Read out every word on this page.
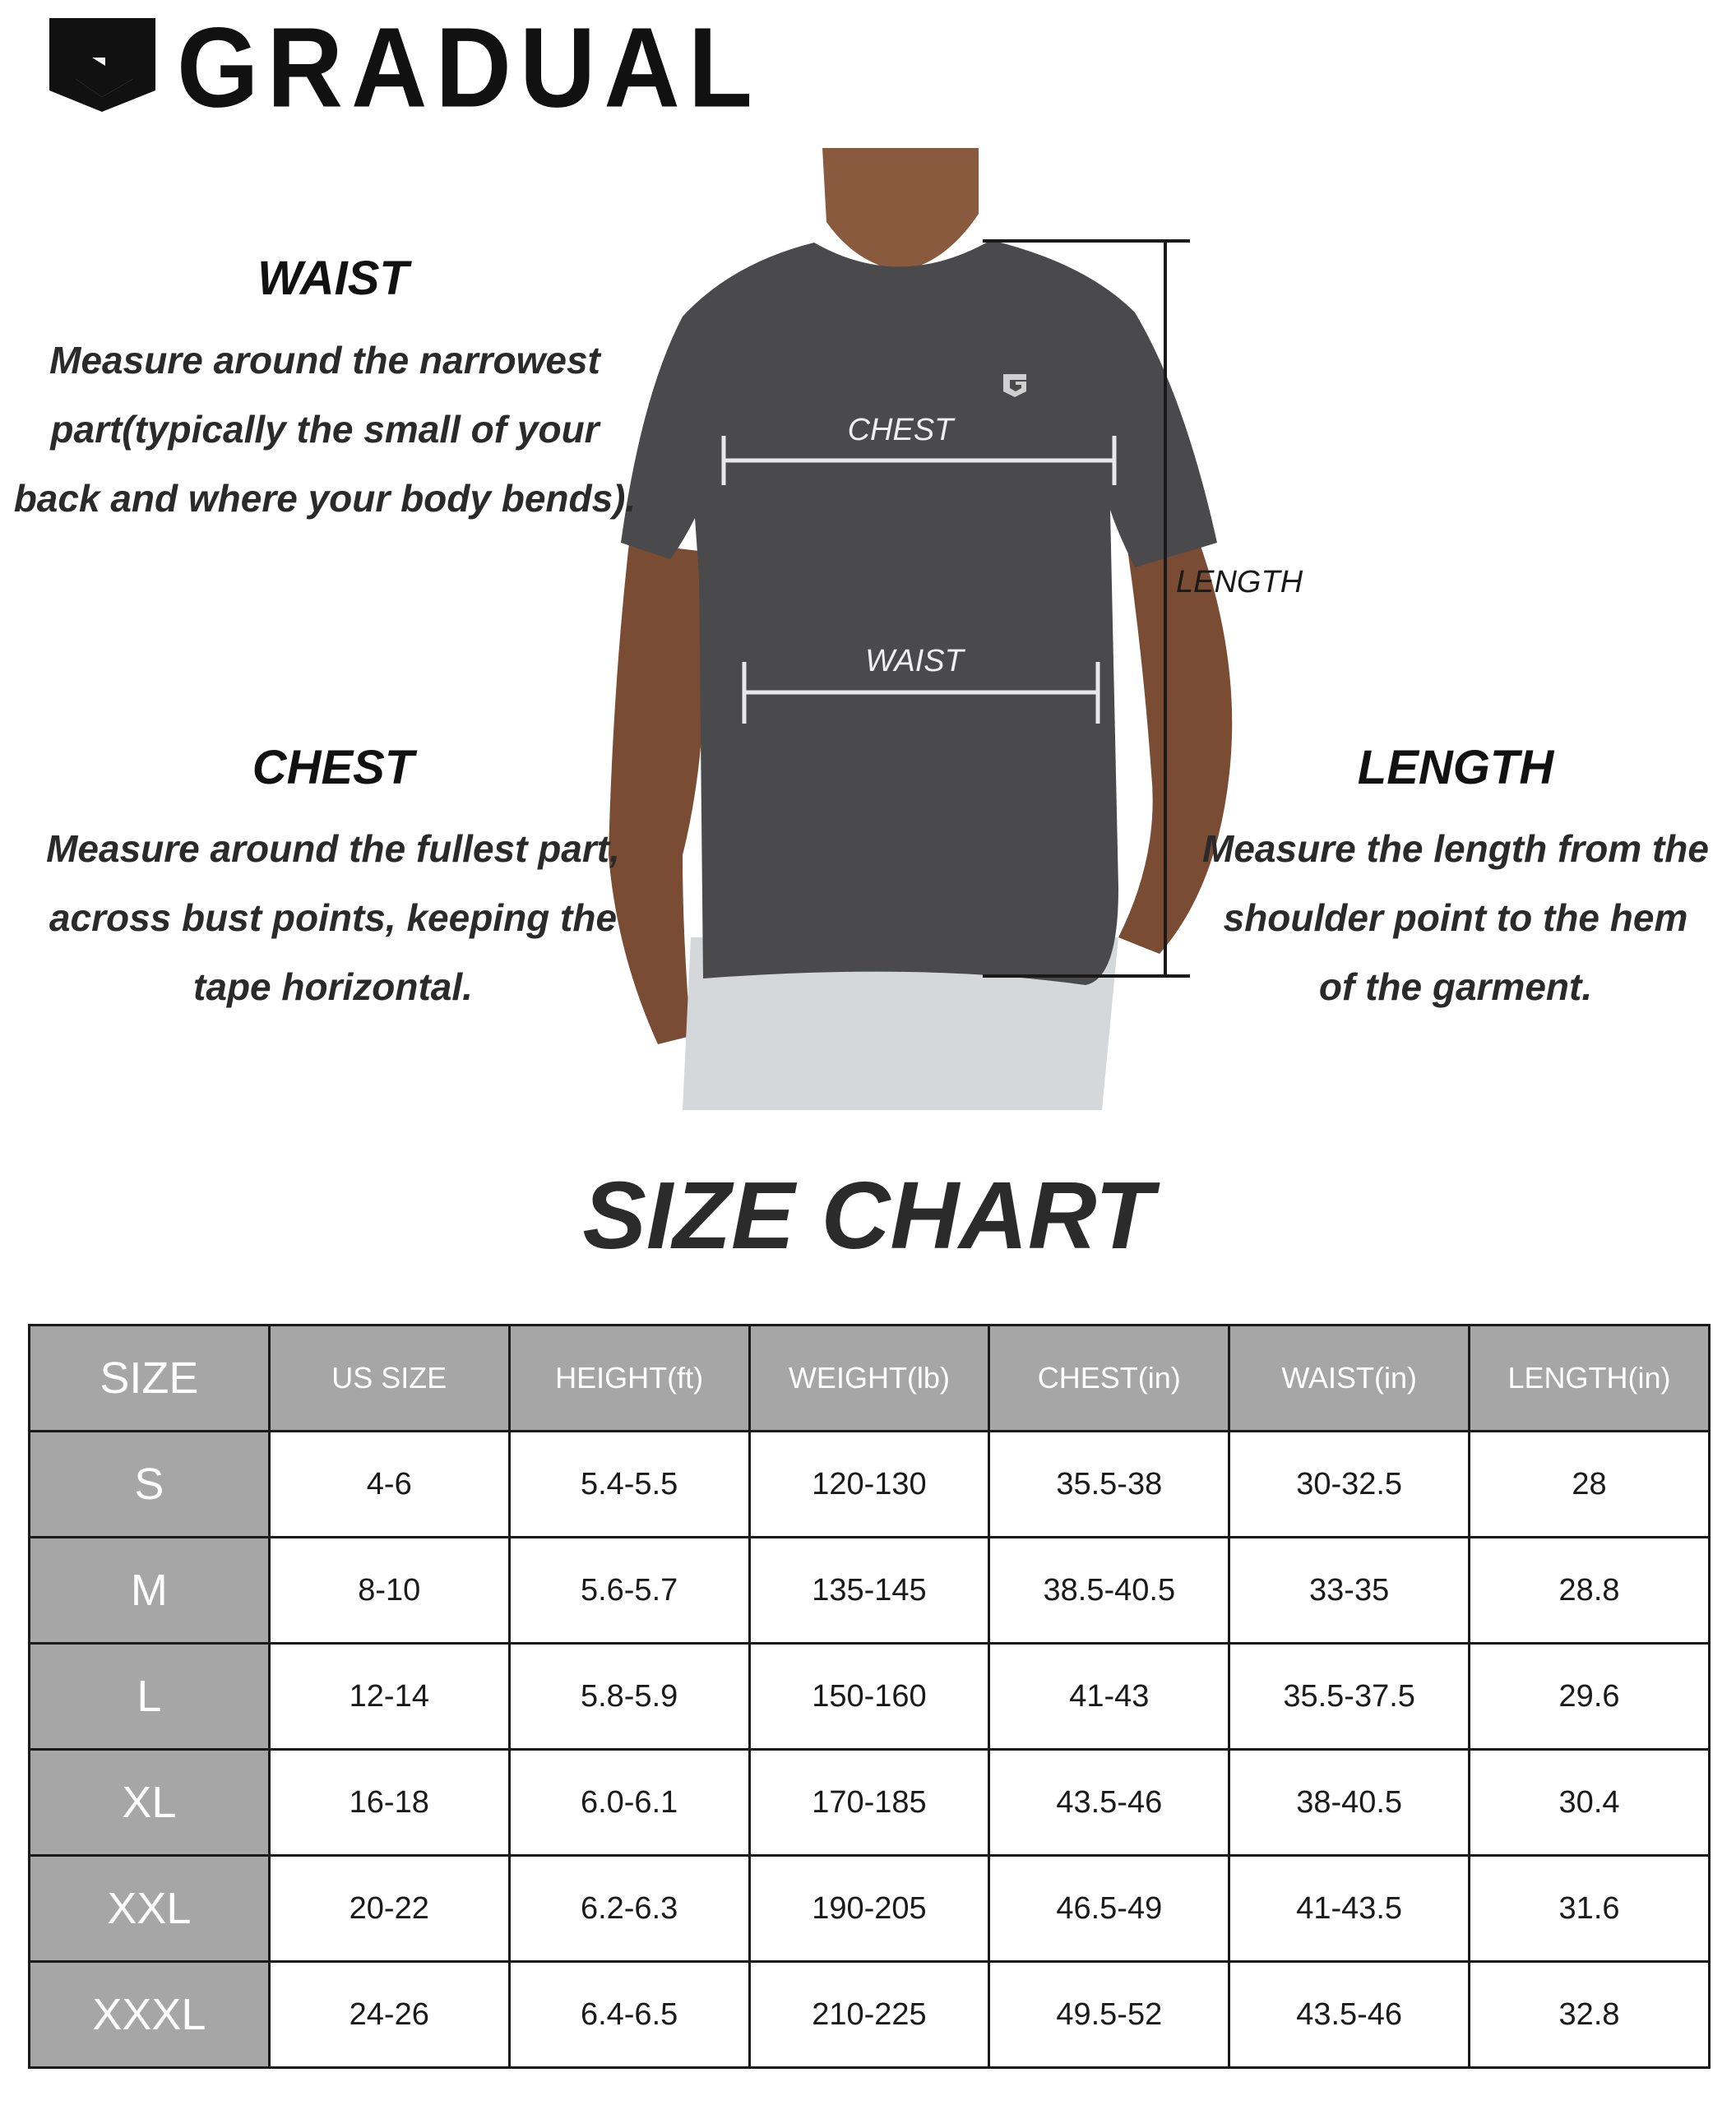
GRADUAL
CHEST
WAIST
LENGTH
WAIST
Measure around the narrowest
part(typically the small of your
back and where your body bends).
CHEST
Measure around the fullest part,
across bust points, keeping the
tape horizontal.
LENGTH
Measure the length from the
shoulder point to the hem
of the garment.
SIZE CHART
SIZE	US SIZE	HEIGHT(ft)	WEIGHT(lb)	CHEST(in)	WAIST(in)	LENGTH(in)
S	4-6	5.4-5.5	120-130	35.5-38	30-32.5	28
M	8-10	5.6-5.7	135-145	38.5-40.5	33-35	28.8
L	12-14	5.8-5.9	150-160	41-43	35.5-37.5	29.6
XL	16-18	6.0-6.1	170-185	43.5-46	38-40.5	30.4
XXL	20-22	6.2-6.3	190-205	46.5-49	41-43.5	31.6
XXXL	24-26	6.4-6.5	210-225	49.5-52	43.5-46	32.8
